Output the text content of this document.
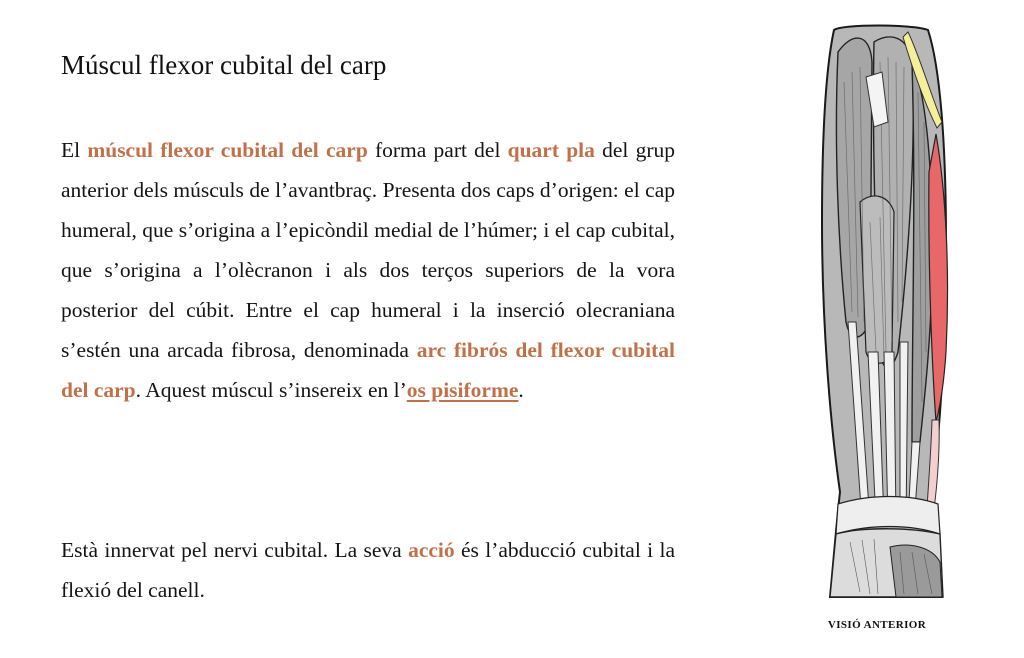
Múscul flexor cubital del carp

El múscul flexor cubital del carp forma part del quart pla del grup anterior dels músculs de l’avantbraç. Presenta dos caps d’origen: el cap humeral, que s’origina a l’epicòndil medial de l’húmer; i el cap cubital, que s’origina a l’olècranon i als dos terços superiors de la vora posterior del cúbit. Entre el cap humeral i la inserció olecraniana s’estén una arcada fibrosa, denominada arc fibrós del flexor cubital del carp. Aquest múscul s’insereix en l’os pisiforme.

Està innervat pel nervi cubital. La seva acció és l’abducció cubital i la flexió del canell.

VISIÓ ANTERIOR
